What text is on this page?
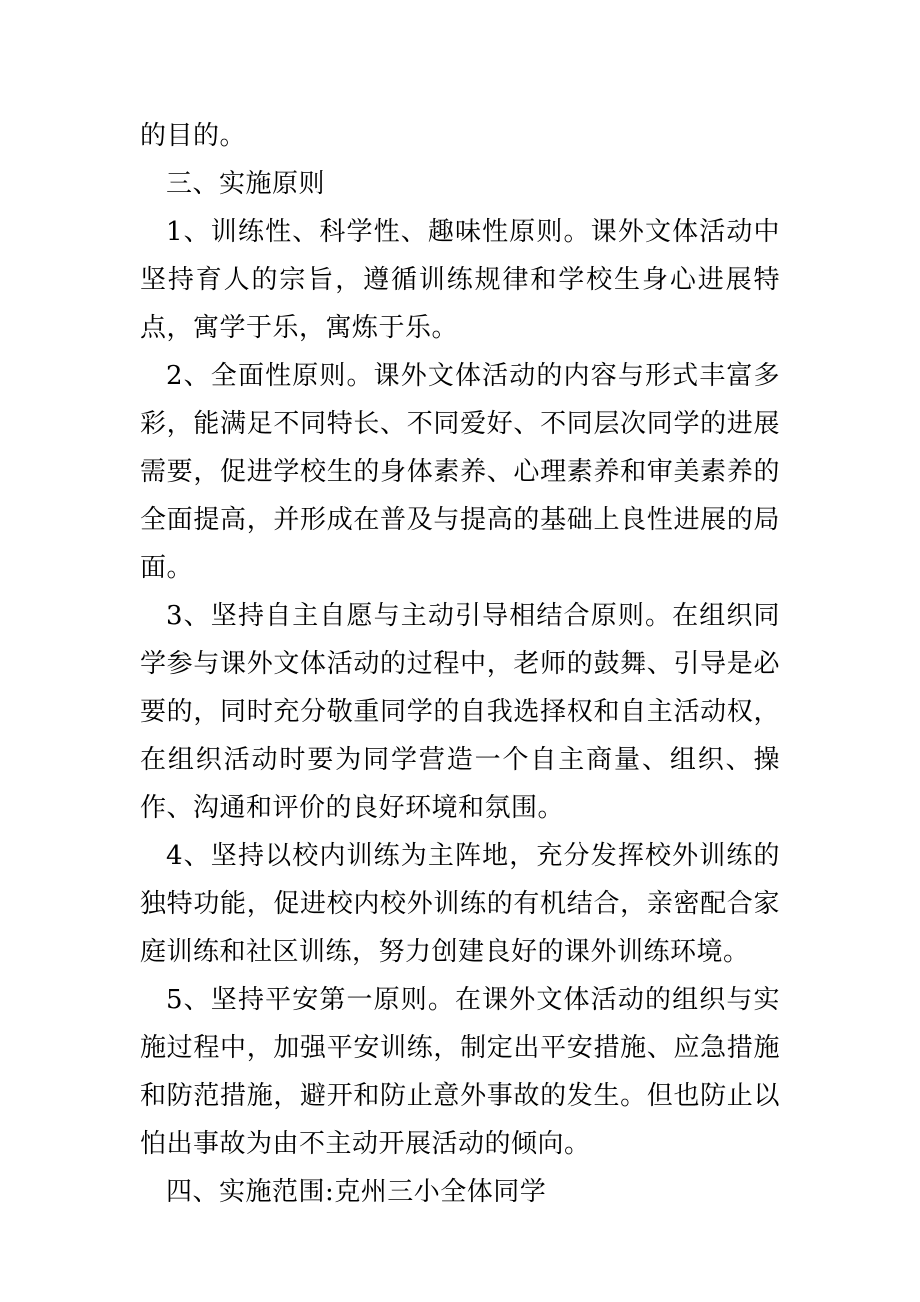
的目的。

三、实施原则

1、训练性、科学性、趣味性原则。课外文体活动中坚持育人的宗旨，遵循训练规律和学校生身心进展特点，寓学于乐，寓炼于乐。

2、全面性原则。课外文体活动的内容与形式丰富多彩，能满足不同特长、不同爱好、不同层次同学的进展需要，促进学校生的身体素养、心理素养和审美素养的全面提高，并形成在普及与提高的基础上良性进展的局面。

3、坚持自主自愿与主动引导相结合原则。在组织同学参与课外文体活动的过程中，老师的鼓舞、引导是必要的，同时充分敬重同学的自我选择权和自主活动权，在组织活动时要为同学营造一个自主商量、组织、操作、沟通和评价的良好环境和氛围。

4、坚持以校内训练为主阵地，充分发挥校外训练的独特功能，促进校内校外训练的有机结合，亲密配合家庭训练和社区训练，努力创建良好的课外训练环境。

5、坚持平安第一原则。在课外文体活动的组织与实施过程中，加强平安训练，制定出平安措施、应急措施和防范措施，避开和防止意外事故的发生。但也防止以怕出事故为由不主动开展活动的倾向。

四、实施范围:克州三小全体同学
